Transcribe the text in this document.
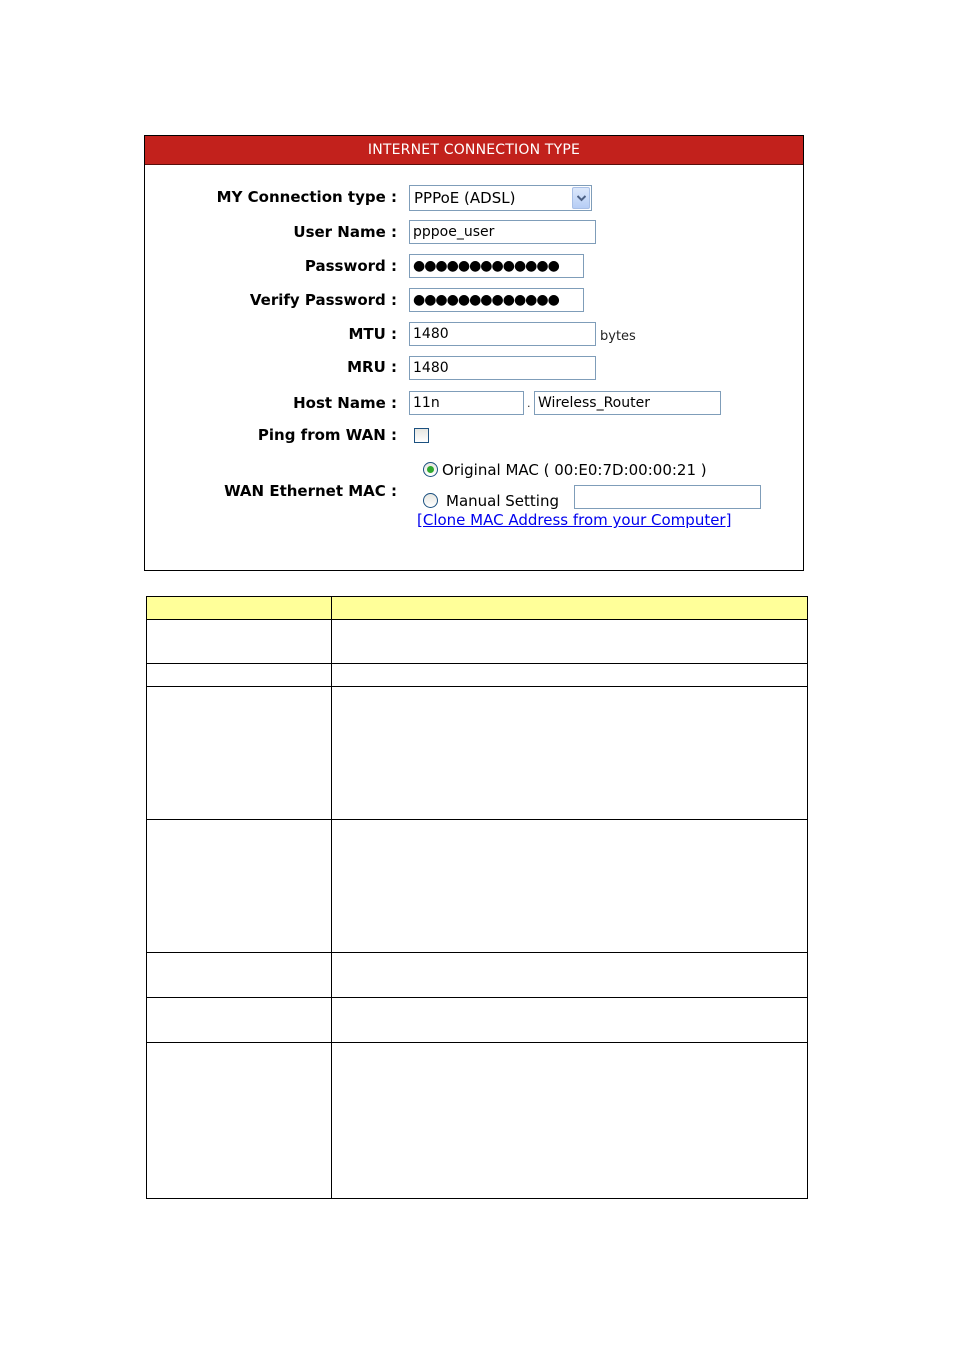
INTERNET CONNECTION TYPE
MY Connection type :	PPPoE (ADSL)
User Name : pppoe_user
Password : ●●●●●●●●●●●●●
Verify Password : ●●●●●●●●●●●●●
MTU : 1480	bytes
MRU : 1480
Host Name : 11n	. Wireless_Router
Ping from WAN :
WAN Ethernet MAC :
Original MAC ( 00:E0:7D:00:00:21 )
Manual Setting
[Clone MAC Address from your Computer]
